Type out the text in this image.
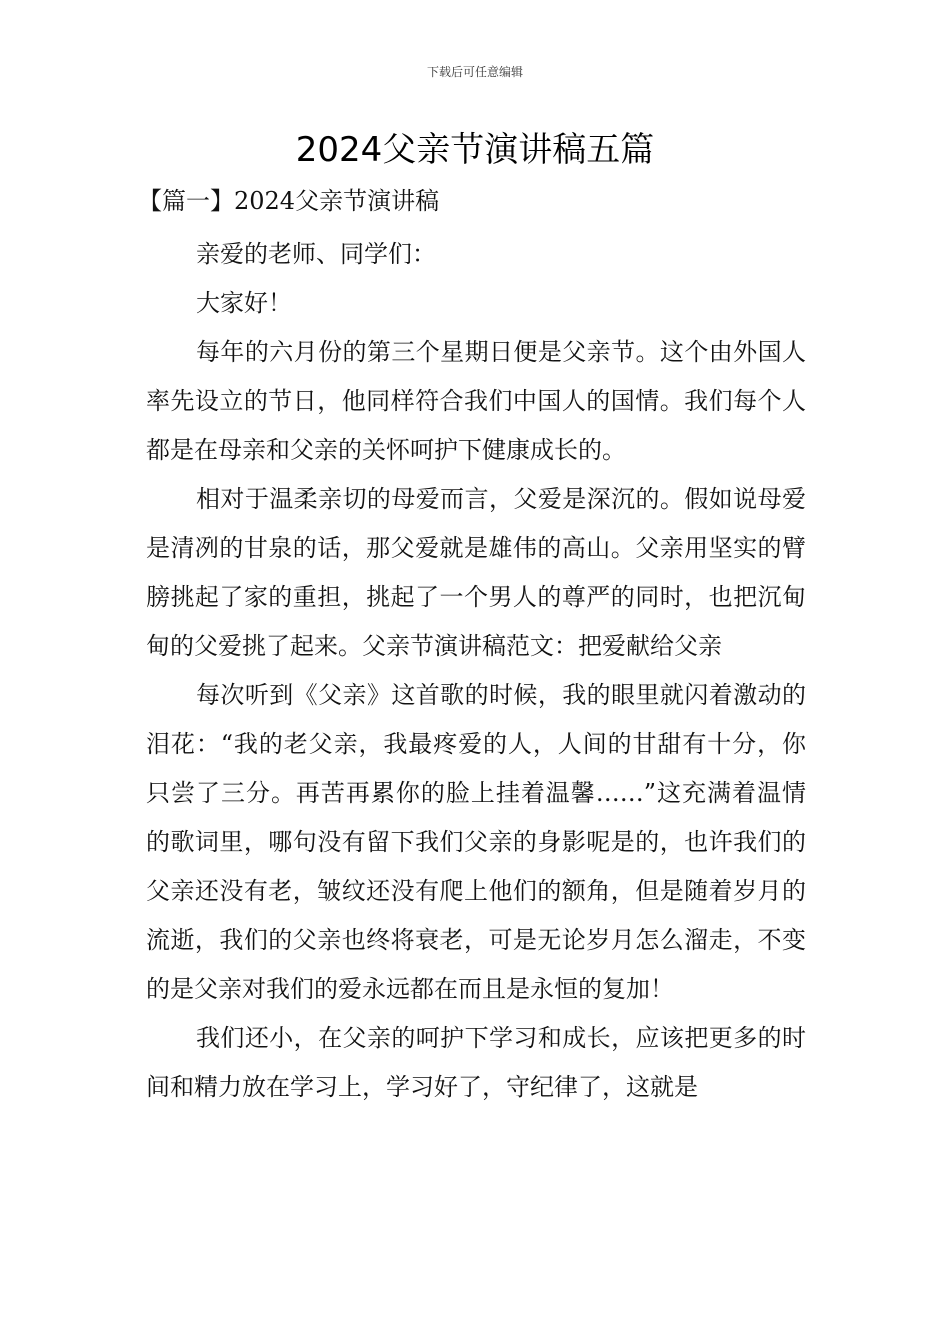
下载后可任意编辑
2024父亲节演讲稿五篇

【篇一】2024父亲节演讲稿

亲爱的老师、同学们：

大家好！

每年的六月份的第三个星期日便是父亲节。这个由外国人率先设立的节日，他同样符合我们中国人的国情。我们每个人都是在母亲和父亲的关怀呵护下健康成长的。

相对于温柔亲切的母爱而言，父爱是深沉的。假如说母爱是清冽的甘泉的话，那父爱就是雄伟的高山。父亲用坚实的臂膀挑起了家的重担，挑起了一个男人的尊严的同时，也把沉甸甸的父爱挑了起来。父亲节演讲稿范文：把爱献给父亲

每次听到《父亲》这首歌的时候，我的眼里就闪着激动的泪花：“我的老父亲，我最疼爱的人，人间的甘甜有十分，你只尝了三分。再苦再累你的脸上挂着温馨……”这充满着温情的歌词里，哪句没有留下我们父亲的身影呢是的，也许我们的父亲还没有老，皱纹还没有爬上他们的额角，但是随着岁月的流逝，我们的父亲也终将衰老，可是无论岁月怎么溜走，不变的是父亲对我们的爱永远都在而且是永恒的复加！

我们还小，在父亲的呵护下学习和成长，应该把更多的时间和精力放在学习上，学习好了，守纪律了，这就是
